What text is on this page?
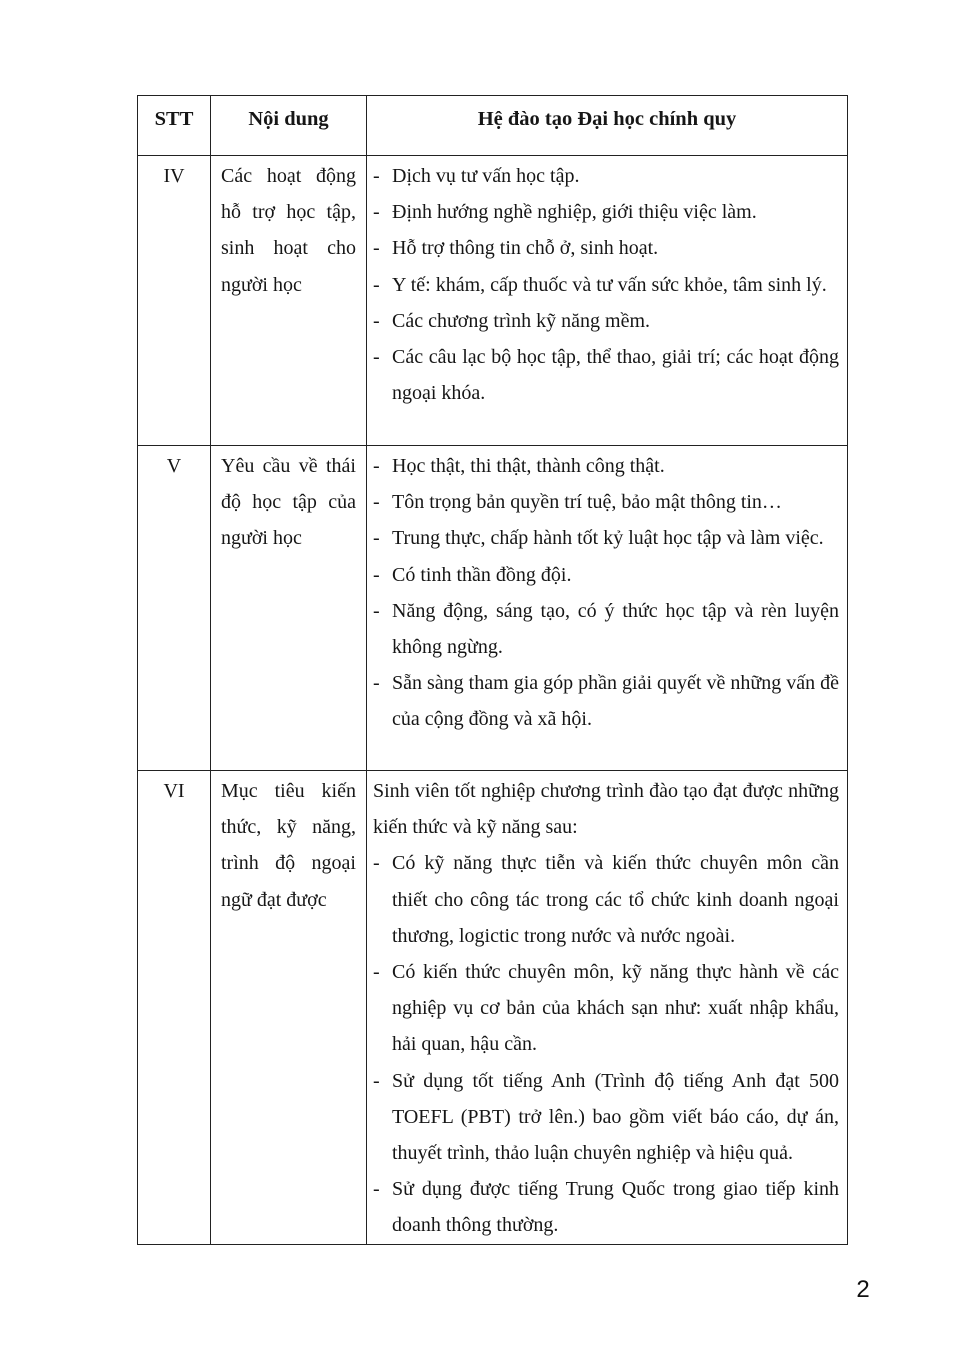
STT	Nội dung	Hệ đào tạo Đại học chính quy
IV	Các hoạt động hỗ trợ học tập, sinh hoạt cho người học	
- Dịch vụ tư vấn học tập.
- Định hướng nghề nghiệp, giới thiệu việc làm.
- Hỗ trợ thông tin chỗ ở, sinh hoạt.
- Y tế: khám, cấp thuốc và tư vấn sức khỏe, tâm sinh lý.
- Các chương trình kỹ năng mềm.
- Các câu lạc bộ học tập, thể thao, giải trí; các hoạt động ngoại khóa.

V	Yêu cầu về thái độ học tập của người học	
- Học thật, thi thật, thành công thật.
- Tôn trọng bản quyền trí tuệ, bảo mật thông tin…
- Trung thực, chấp hành tốt kỷ luật học tập và làm việc.
- Có tinh thần đồng đội.
- Năng động, sáng tạo, có ý thức học tập và rèn luyện không ngừng.
- Sẵn sàng tham gia góp phần giải quyết về những vấn đề của cộng đồng và xã hội.

VI	Mục tiêu kiến thức, kỹ năng, trình độ ngoại ngữ đạt được	Sinh viên tốt nghiệp chương trình đào tạo đạt được những kiến thức và kỹ năng sau:
- Có kỹ năng thực tiễn và kiến thức chuyên môn cần thiết cho công tác trong các tổ chức kinh doanh ngoại thương, logictic trong nước và nước ngoài.
- Có kiến thức chuyên môn, kỹ năng thực hành về các nghiệp vụ cơ bản của khách sạn như: xuất nhập khẩu, hải quan, hậu cần.
- Sử dụng tốt tiếng Anh (Trình độ tiếng Anh đạt 500 TOEFL (PBT) trở lên.) bao gồm viết báo cáo, dự án, thuyết trình, thảo luận chuyên nghiệp và hiệu quả.
- Sử dụng được tiếng Trung Quốc trong giao tiếp kinh doanh thông thường.
2
